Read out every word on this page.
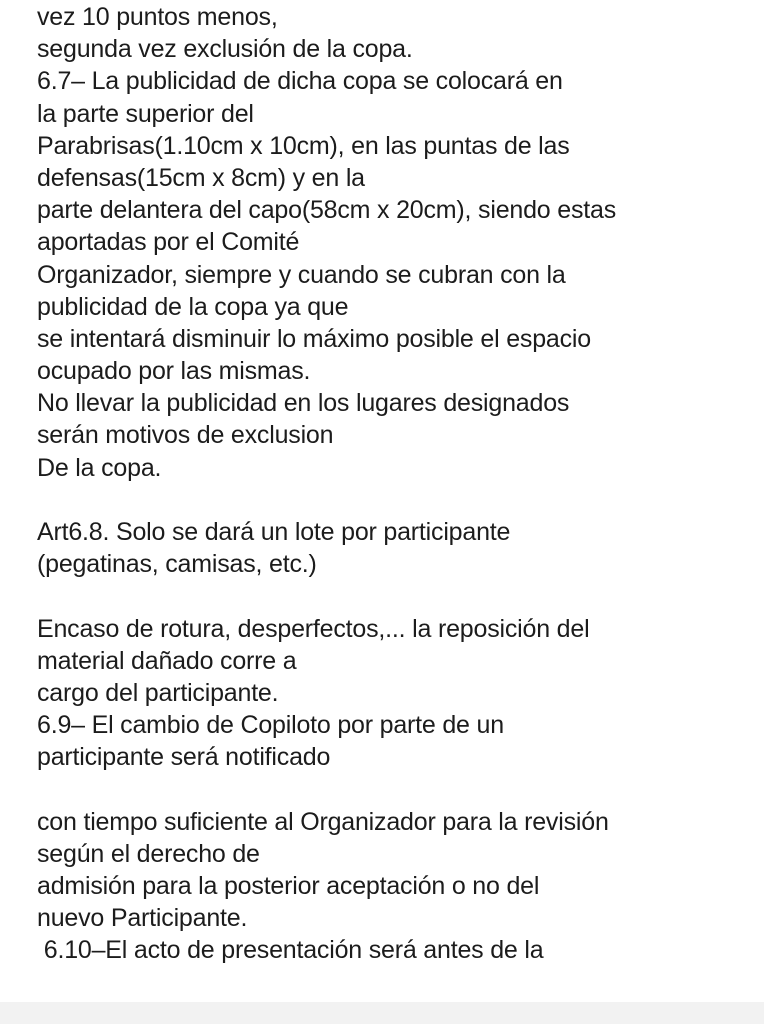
vez 10 puntos menos,
segunda vez exclusión de la copa.
6.7– La publicidad de dicha copa se colocará en
la parte superior del
Parabrisas(1.10cm x 10cm), en las puntas de las
defensas(15cm x 8cm) y en la
parte delantera del capo(58cm x 20cm), siendo estas
aportadas por el Comité
Organizador, siempre y cuando se cubran con la
publicidad de la copa ya que
se intentará disminuir lo máximo posible el espacio
ocupado por las mismas.
No llevar la publicidad en los lugares designados
serán motivos de exclusion
De la copa.
Art6.8. Solo se dará un lote por participante
(pegatinas, camisas, etc.)
Encaso de rotura, desperfectos,... la reposición del
material dañado corre a
cargo del participante.
6.9– El cambio de Copiloto por parte de un
participante será notificado
con tiempo suficiente al Organizador para la revisión
según el derecho de
admisión para la posterior aceptación o no del
nuevo Participante.
6.10–El acto de presentación será antes de la
